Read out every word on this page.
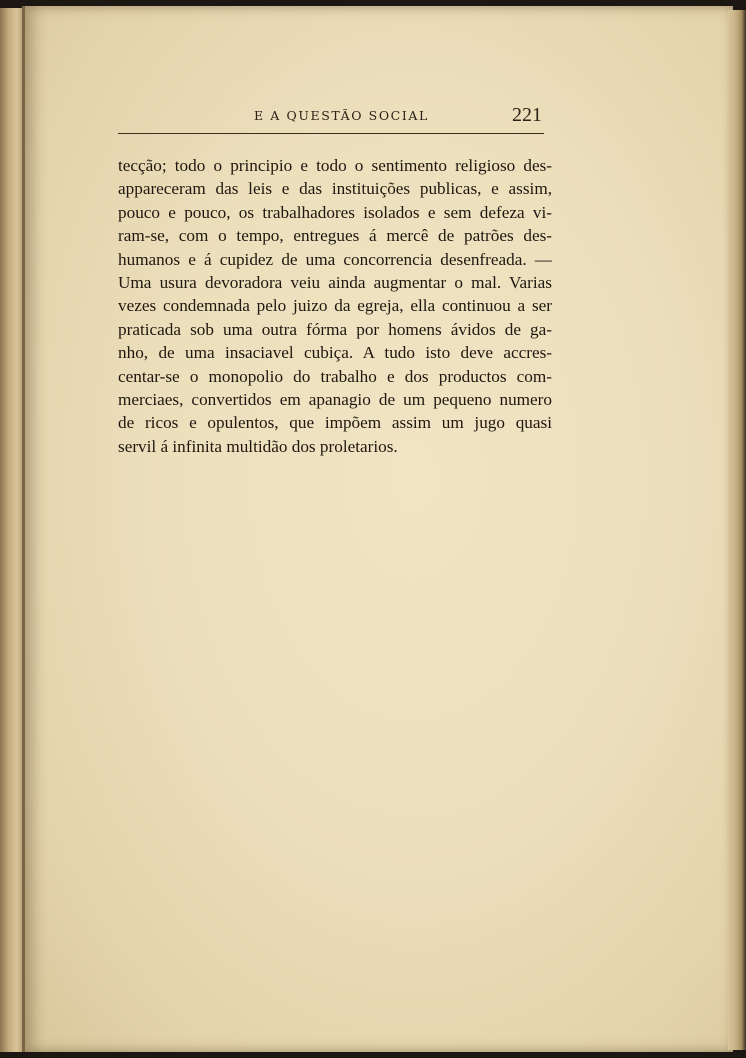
E A QUESTÃO SOCIAL	221
tecção; todo o principio e todo o sentimento religioso des-
appareceram das leis e das instituições publicas, e assim,
pouco e pouco, os trabalhadores isolados e sem defeza vi-
ram-se, com o tempo, entregues á mercê de patrões des-
humanos e á cupidez de uma concorrencia desenfreada. —
Uma usura devoradora veiu ainda augmentar o mal. Varias
vezes condemnada pelo juizo da egreja, ella continuou a ser
praticada sob uma outra fórma por homens ávidos de ga-
nho, de uma insaciavel cubiça. A tudo isto deve accres-
centar-se o monopolio do trabalho e dos productos com-
merciaes, convertidos em apanagio de um pequeno numero
de ricos e opulentos, que impõem assim um jugo quasi
servil á infinita multidão dos proletarios.
